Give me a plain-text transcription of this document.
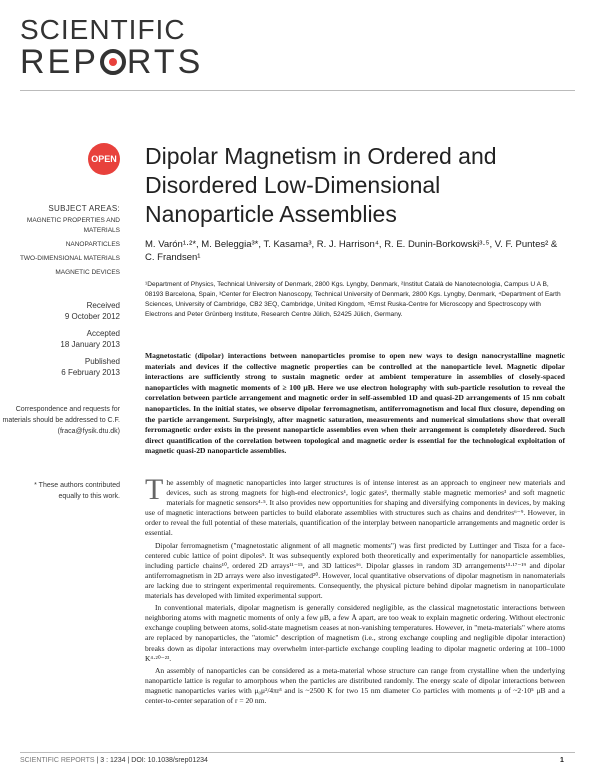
SCIENTIFIC
REP RTS
OPEN Dipolar Magnetism in Ordered and Disordered Low-Dimensional Nanoparticle Assemblies
M. Varón¹·²*, M. Beleggia³*, T. Kasama³, R. J. Harrison⁴, R. E. Dunin-Borkowski³·⁵, V. F. Puntes² & C. Frandsen¹
¹Department of Physics, Technical University of Denmark, 2800 Kgs. Lyngby, Denmark, ²Institut Català de Nanotecnologia, Campus U A B, 08193 Barcelona, Spain, ³Center for Electron Nanoscopy, Technical University of Denmark, 2800 Kgs. Lyngby, Denmark, ⁴Department of Earth Sciences, University of Cambridge, CB2 3EQ, Cambridge, United Kingdom, ⁵Ernst Ruska-Centre for Microscopy and Spectroscopy with Electrons and Peter Grünberg Institute, Research Centre Jülich, 52425 Jülich, Germany.
SUBJECT AREAS:
MAGNETIC PROPERTIES AND MATERIALS
NANOPARTICLES
TWO-DIMENSIONAL MATERIALS
MAGNETIC DEVICES
Received
9 October 2012
Accepted
18 January 2013
Published
6 February 2013
Correspondence and requests for materials should be addressed to C.F. (fraca@fysik.dtu.dk)
* These authors contributed equally to this work.
Magnetostatic (dipolar) interactions between nanoparticles promise to open new ways to design nanocrystalline magnetic materials and devices if the collective magnetic properties can be controlled at the nanoparticle level. Magnetic dipolar interactions are sufficiently strong to sustain magnetic order at ambient temperature in assemblies of closely-spaced nanoparticles with magnetic moments of ≥ 100 μB. Here we use electron holography with sub-particle resolution to reveal the correlation between particle arrangement and magnetic order in self-assembled 1D and quasi-2D arrangements of 15 nm cobalt nanoparticles. In the initial states, we observe dipolar ferromagnetism, antiferromagnetism and local flux closure, depending on the particle arrangement. Surprisingly, after magnetic saturation, measurements and numerical simulations show that overall ferromagnetic order exists in the present nanoparticle assemblies even when their arrangement is completely disordered. Such direct quantification of the correlation between topological and magnetic order is essential for the technological exploitation of magnetic quasi-2D nanoparticle assemblies.

The assembly of magnetic nanoparticles into larger structures is of intense interest as an approach to engineer new materials and devices, such as strong magnets for high-end electronics¹, logic gates², thermally stable magnetic memories³ and soft magnetic materials for magnetic sensors⁴·⁵. It also provides new opportunities for shaping and diversifying components in devices, by making use of magnetic interactions between particles to build elaborate assemblies with structures such as chains and dendrites⁶⁻⁹. However, in order to reveal the full potential of these materials, quantification of the interplay between nanoparticle arrangements and magnetic order is essential.

Dipolar ferromagnetism ("magnetostatic alignment of all magnetic moments") was first predicted by Luttinger and Tisza for a face-centered cubic lattice of point dipoles⁵. It was subsequently explored both theoretically and experimentally for nanoparticle assemblies, including particle chains¹⁰, ordered 2D arrays¹¹⁻¹⁵, and 3D lattices¹⁶. Dipolar glasses in random 3D arrangements¹³·¹⁷⁻¹⁹ and dipolar antiferromagnetism in 2D arrays were also investigated²⁰. However, local quantitative observations of dipolar magnetism in nanomaterials are lacking due to stringent experimental requirements. Consequently, the physical picture behind dipolar magnetism in nanoparticulate materials has developed with limited experimental support.

In conventional materials, dipolar magnetism is generally considered negligible, as the classical magnetostatic interactions between neighboring atoms with magnetic moments of only a few μB, a few Å apart, are too weak to explain magnetic ordering. Without electronic exchange coupling between atoms, solid-state magnetism ceases at non-vanishing temperatures. However, in "meta-materials" where atoms are replaced by nanoparticles, the "atomic" description of magnetism (i.e., strong exchange coupling and negligible dipolar interaction) breaks down as dipolar interactions may overwhelm inter-particle exchange coupling leading to dipolar magnetic ordering at 100–1000 K⁴·²⁰⁻²³.

An assembly of nanoparticles can be considered as a meta-material whose structure can range from crystalline when the underlying nanoparticle lattice is regular to amorphous when the particles are distributed randomly. The energy scale of dipolar interactions between magnetic nanoparticles varies with μ₀μ²/4πr³ and is ~2500 K for two 15 nm diameter Co particles with moments μ of ~2·10⁵ μB and a center-to-center separation of r = 20 nm.

SCIENTIFIC REPORTS | 3 : 1234 | DOI: 10.1038/srep01234	1
